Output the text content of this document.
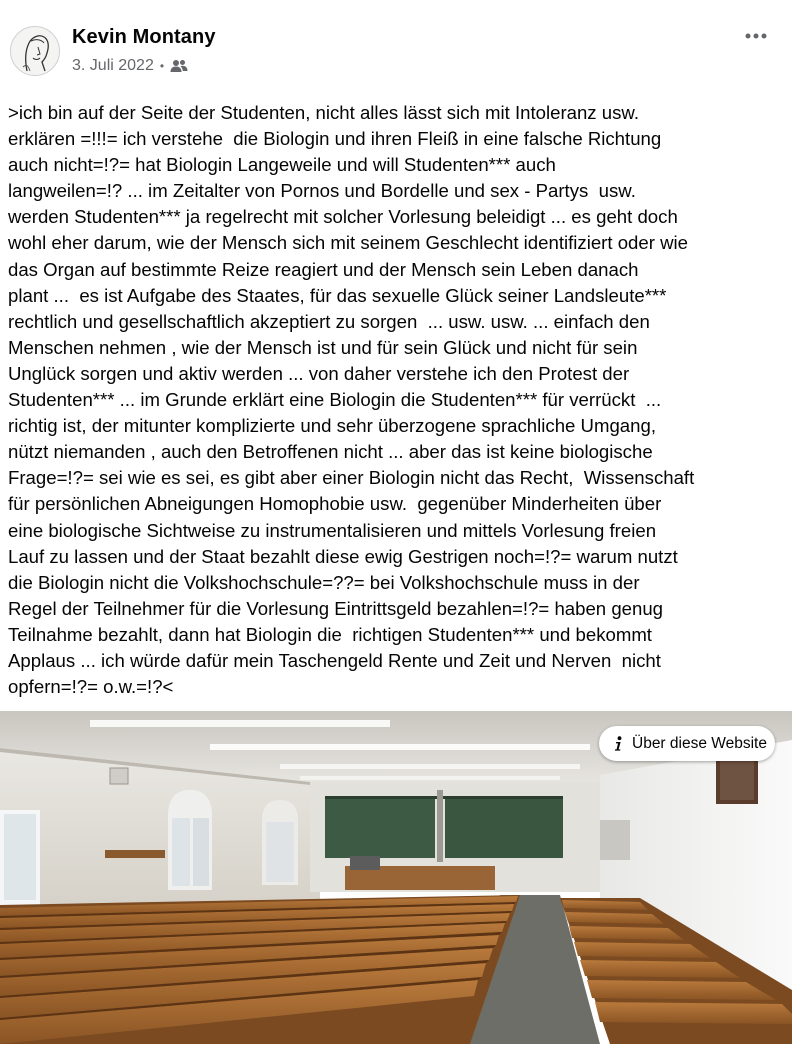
Kevin Montany
3. Juli 2022 •
>ich bin auf der Seite der Studenten, nicht alles lässt sich mit Intoleranz usw.
erklären =!!!= ich verstehe  die Biologin und ihren Fleiß in eine falsche Richtung
auch nicht=!?= hat Biologin Langeweile und will Studenten*** auch
langweilen=!? ... im Zeitalter von Pornos und Bordelle und sex - Partys  usw.
werden Studenten*** ja regelrecht mit solcher Vorlesung beleidigt ... es geht doch
wohl eher darum, wie der Mensch sich mit seinem Geschlecht identifiziert oder wie
das Organ auf bestimmte Reize reagiert und der Mensch sein Leben danach
plant ...  es ist Aufgabe des Staates, für das sexuelle Glück seiner Landsleute***
rechtlich und gesellschaftlich akzeptiert zu sorgen  ... usw. usw. ... einfach den
Menschen nehmen , wie der Mensch ist und für sein Glück und nicht für sein
Unglück sorgen und aktiv werden ... von daher verstehe ich den Protest der
Studenten*** ... im Grunde erklärt eine Biologin die Studenten*** für verrückt  ...
richtig ist, der mitunter komplizierte und sehr überzogene sprachliche Umgang,
nützt niemanden , auch den Betroffenen nicht ... aber das ist keine biologische
Frage=!?= sei wie es sei, es gibt aber einer Biologin nicht das Recht,  Wissenschaft
für persönlichen Abneigungen Homophobie usw.  gegenüber Minderheiten über
eine biologische Sichtweise zu instrumentalisieren und mittels Vorlesung freien
Lauf zu lassen und der Staat bezahlt diese ewig Gestrigen noch=!?= warum nutzt
die Biologin nicht die Volkshochschule=??= bei Volkshochschule muss in der
Regel der Teilnehmer für die Vorlesung Eintrittsgeld bezahlen=!?= haben genug
Teilnahme bezahlt, dann hat Biologin die  richtigen Studenten*** und bekommt
Applaus ... ich würde dafür mein Taschengeld Rente und Zeit und Nerven  nicht
opfern=!?= o.w.=!?<
Über diese Website
